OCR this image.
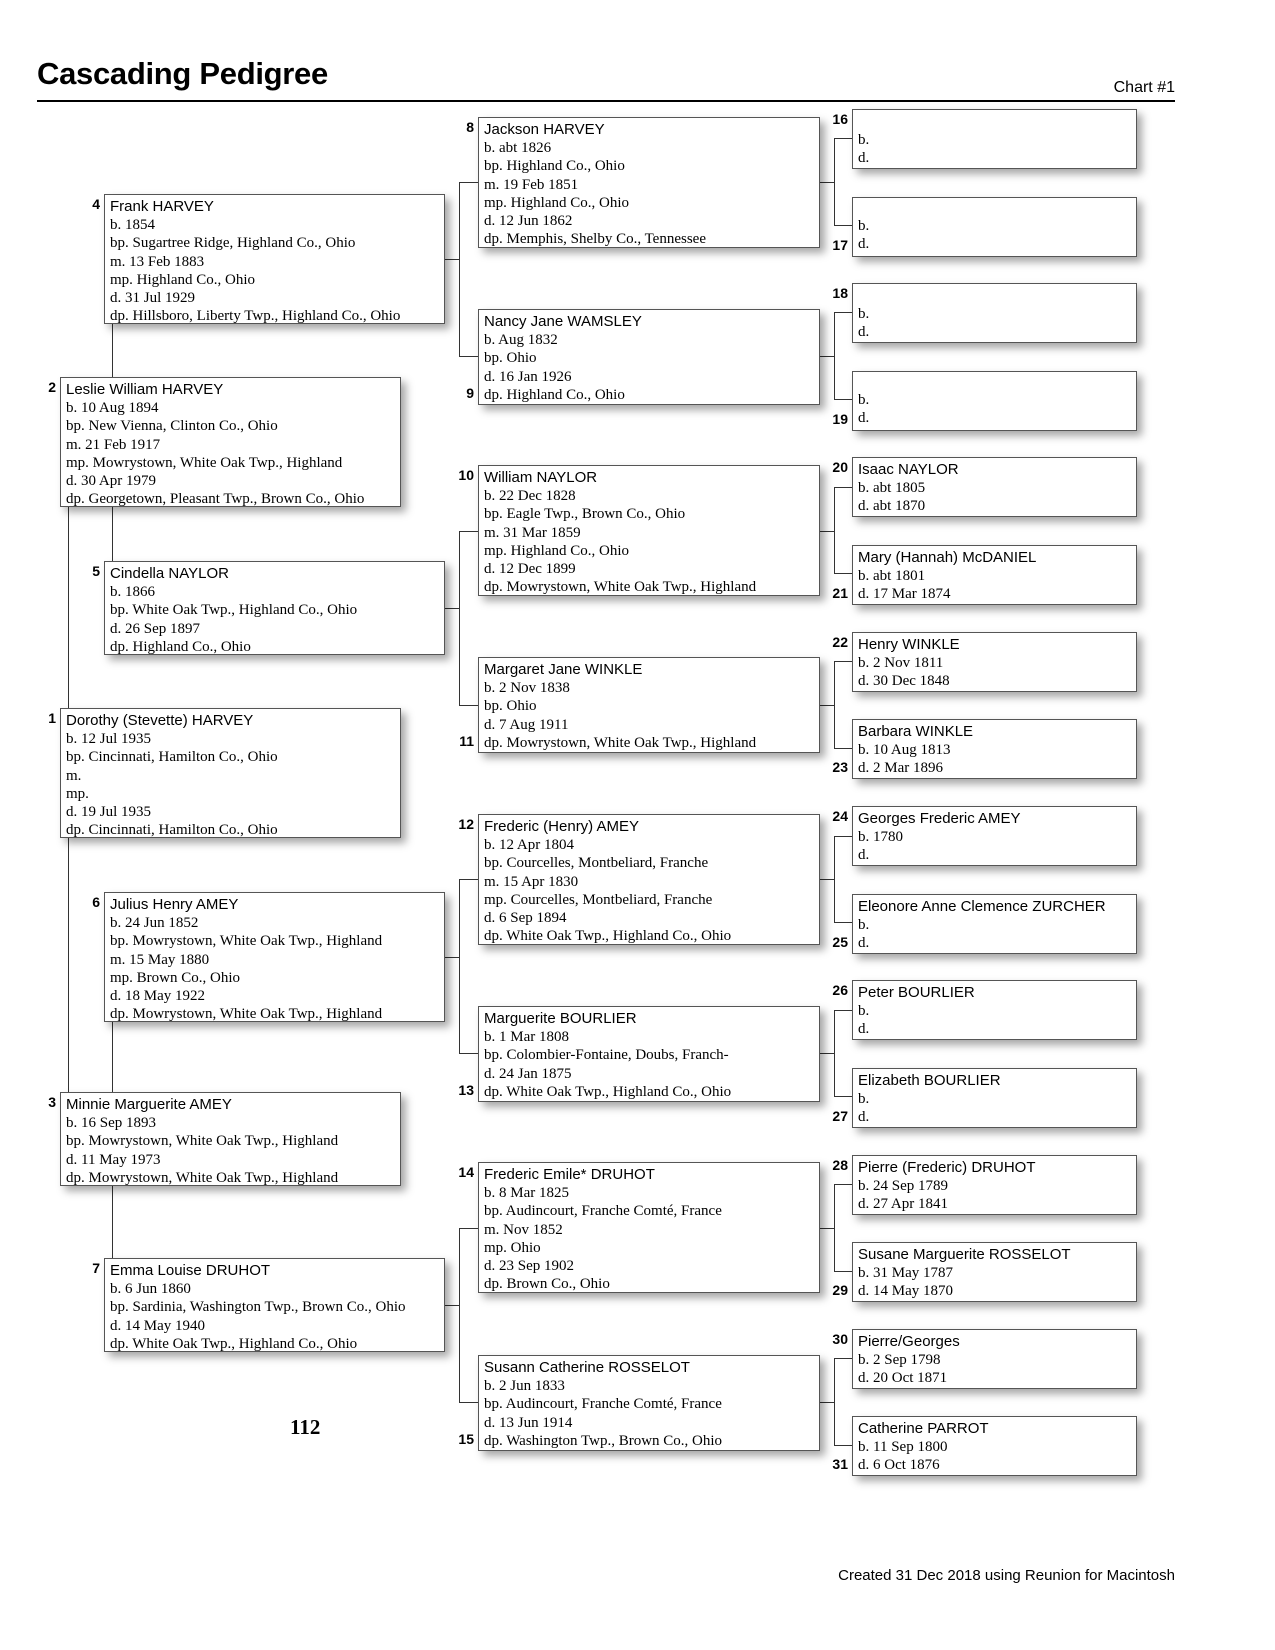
Cascading Pedigree	Chart #1
Dorothy (Stevette) HARVEY
b. 12 Jul 1935
bp. Cincinnati, Hamilton Co., Ohio
m.
mp.
d. 19 Jul 1935
dp. Cincinnati, Hamilton Co., Ohio
1
Leslie William HARVEY
b. 10 Aug 1894
bp. New Vienna, Clinton Co., Ohio
m. 21 Feb 1917
mp. Mowrystown, White Oak Twp., Highland
d. 30 Apr 1979
dp. Georgetown, Pleasant Twp., Brown Co., Ohio
2
Minnie Marguerite AMEY
b. 16 Sep 1893
bp. Mowrystown, White Oak Twp., Highland
d. 11 May 1973
dp. Mowrystown, White Oak Twp., Highland
3
Frank HARVEY
b. 1854
bp. Sugartree Ridge, Highland Co., Ohio
m. 13 Feb 1883
mp. Highland Co., Ohio
d. 31 Jul 1929
dp. Hillsboro, Liberty Twp., Highland Co., Ohio
4
Cindella NAYLOR
b. 1866
bp. White Oak Twp., Highland Co., Ohio
d. 26 Sep 1897
dp. Highland Co., Ohio
5
Julius Henry AMEY
b. 24 Jun 1852
bp. Mowrystown, White Oak Twp., Highland
m. 15 May 1880
mp. Brown Co., Ohio
d. 18 May 1922
dp. Mowrystown, White Oak Twp., Highland
6
Emma Louise DRUHOT
b. 6 Jun 1860
bp. Sardinia, Washington Twp., Brown Co., Ohio
d. 14 May 1940
dp. White Oak Twp., Highland Co., Ohio
7
Jackson HARVEY
b. abt 1826
bp. Highland Co., Ohio
m. 19 Feb 1851
mp. Highland Co., Ohio
d. 12 Jun 1862
dp. Memphis, Shelby Co., Tennessee
8
Nancy Jane WAMSLEY
b. Aug 1832
bp. Ohio
d. 16 Jan 1926
dp. Highland Co., Ohio
9
William NAYLOR
b. 22 Dec 1828
bp. Eagle Twp., Brown Co., Ohio
m. 31 Mar 1859
mp. Highland Co., Ohio
d. 12 Dec 1899
dp. Mowrystown, White Oak Twp., Highland
10
Margaret Jane WINKLE
b. 2 Nov 1838
bp. Ohio
d. 7 Aug 1911
dp. Mowrystown, White Oak Twp., Highland
11
Frederic (Henry) AMEY
b. 12 Apr 1804
bp. Courcelles, Montbeliard, Franche
m. 15 Apr 1830
mp. Courcelles, Montbeliard, Franche
d. 6 Sep 1894
dp. White Oak Twp., Highland Co., Ohio
12
Marguerite BOURLIER
b. 1 Mar 1808
bp. Colombier-Fontaine, Doubs, Franch-
d. 24 Jan 1875
dp. White Oak Twp., Highland Co., Ohio
13
Frederic Emile* DRUHOT
b. 8 Mar 1825
bp. Audincourt, Franche Comté, France
m. Nov 1852
mp. Ohio
d. 23 Sep 1902
dp. Brown Co., Ohio
14
Susann Catherine ROSSELOT
b. 2 Jun 1833
bp. Audincourt, Franche Comté, France
d. 13 Jun 1914
dp. Washington Twp., Brown Co., Ohio
15
b.
d.
16
b.
d.
17
b.
d.
18
b.
d.
19
Isaac NAYLOR
b. abt 1805
d. abt 1870
20
Mary (Hannah) McDANIEL
b. abt 1801
d. 17 Mar 1874
21
Henry WINKLE
b. 2 Nov 1811
d. 30 Dec 1848
22
Barbara WINKLE
b. 10 Aug 1813
d. 2 Mar 1896
23
Georges Frederic AMEY
b. 1780
d.
24
Eleonore Anne Clemence ZURCHER
b.
d.
25
Peter BOURLIER
b.
d.
26
Elizabeth BOURLIER
b.
d.
27
Pierre (Frederic) DRUHOT
b. 24 Sep 1789
d. 27 Apr 1841
28
Susane Marguerite ROSSELOT
b. 31 May 1787
d. 14 May 1870
29
Pierre/Georges
b. 2 Sep 1798
d. 20 Oct 1871
30
Catherine PARROT
b. 11 Sep 1800
d. 6 Oct 1876
31
112
Created 31 Dec 2018 using Reunion for Macintosh
